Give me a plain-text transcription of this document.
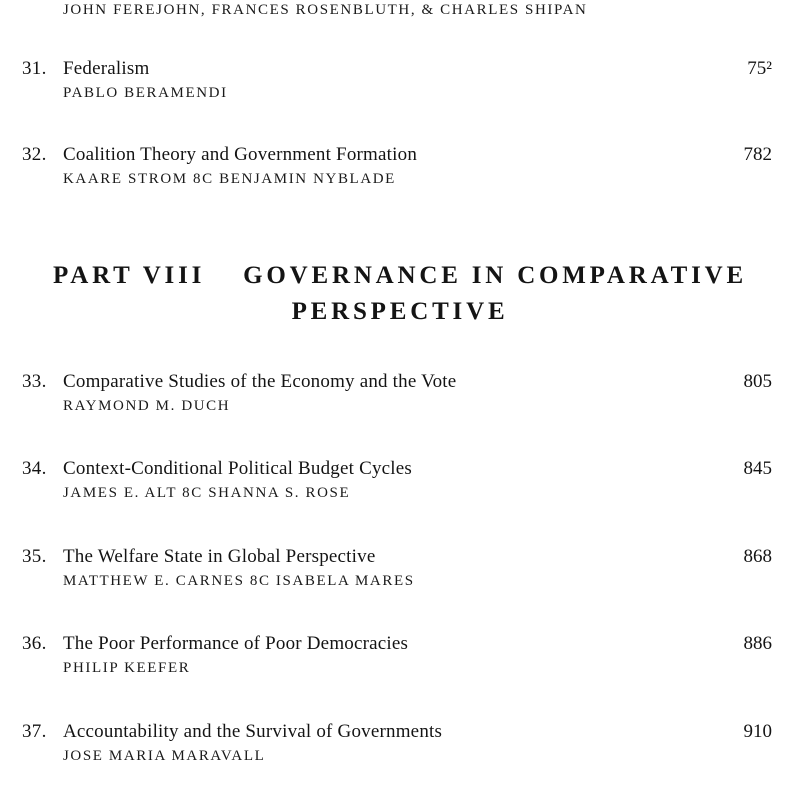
JOHN FEREJOHN, FRANCES ROSENBLUTH, & CHARLES SHIPAN
31. Federalism	75²
PABLO BERAMENDI
32. Coalition Theory and Government Formation	782
KAARE STROM 8C BENJAMIN NYBLADE
PART VIII GOVERNANCE IN COMPARATIVE
PERSPECTIVE
33. Comparative Studies of the Economy and the Vote	805
RAYMOND M. DUCH
34. Context-Conditional Political Budget Cycles	845
JAMES E. ALT 8C SHANNA S. ROSE
35. The Welfare State in Global Perspective	868
MATTHEW E. CARNES 8C ISABELA MARES
36. The Poor Performance of Poor Democracies	886
PHILIP KEEFER
37. Accountability and the Survival of Governments	910
JOSE MARIA MARAVALL
